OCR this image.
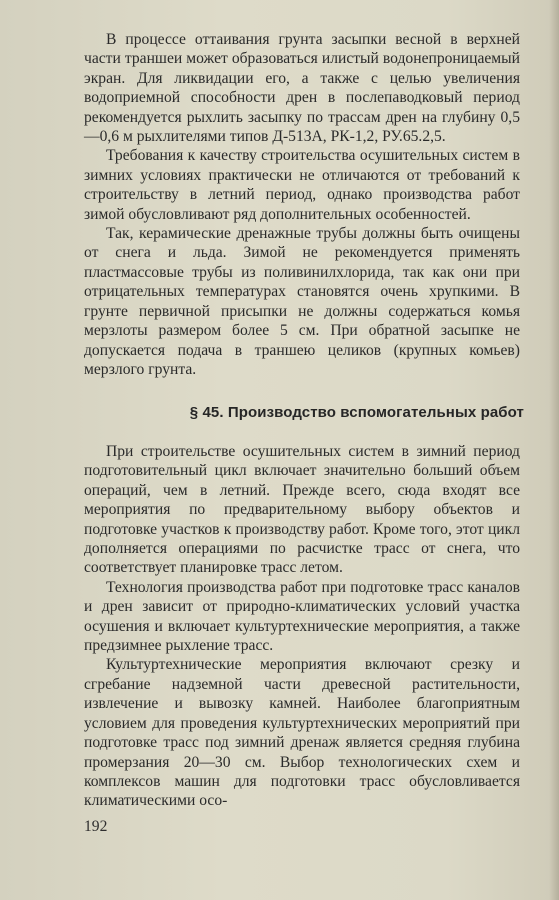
В процессе оттаивания грунта засыпки весной в верхней части траншеи может образоваться илистый водонепроницаемый экран. Для ликвидации его, а также с целью увеличения водоприемной способности дрен в послепаводковый период рекомендуется рыхлить засыпку по трассам дрен на глубину 0,5—0,6 м рыхлителями типов Д-513А, РК-1,2, РУ.65.2,5.

Требования к качеству строительства осушительных систем в зимних условиях практически не отличаются от требований к строительству в летний период, однако производства работ зимой обусловливают ряд дополнительных особенностей.

Так, керамические дренажные трубы должны быть очищены от снега и льда. Зимой не рекомендуется применять пластмассовые трубы из поливинилхлорида, так как они при отрицательных температурах становятся очень хрупкими. В грунте первичной присыпки не должны содержаться комья мерзлоты размером более 5 см. При обратной засыпке не допускается подача в траншею целиков (крупных комьев) мерзлого грунта.

§ 45. Производство вспомогательных работ

При строительстве осушительных систем в зимний период подготовительный цикл включает значительно больший объем операций, чем в летний. Прежде всего, сюда входят все мероприятия по предварительному выбору объектов и подготовке участков к производству работ. Кроме того, этот цикл дополняется операциями по расчистке трасс от снега, что соответствует планировке трасс летом.

Технология производства работ при подготовке трасс каналов и дрен зависит от природно-климатических условий участка осушения и включает культуртехнические мероприятия, а также предзимнее рыхление трасс.

Культуртехнические мероприятия включают срезку и сгребание надземной части древесной растительности, извлечение и вывозку камней. Наиболее благоприятным условием для проведения культуртехнических мероприятий при подготовке трасс под зимний дренаж является средняя глубина промерзания 20—30 см. Выбор технологических схем и комплексов машин для подготовки трасс обусловливается климатическими осо-

192
